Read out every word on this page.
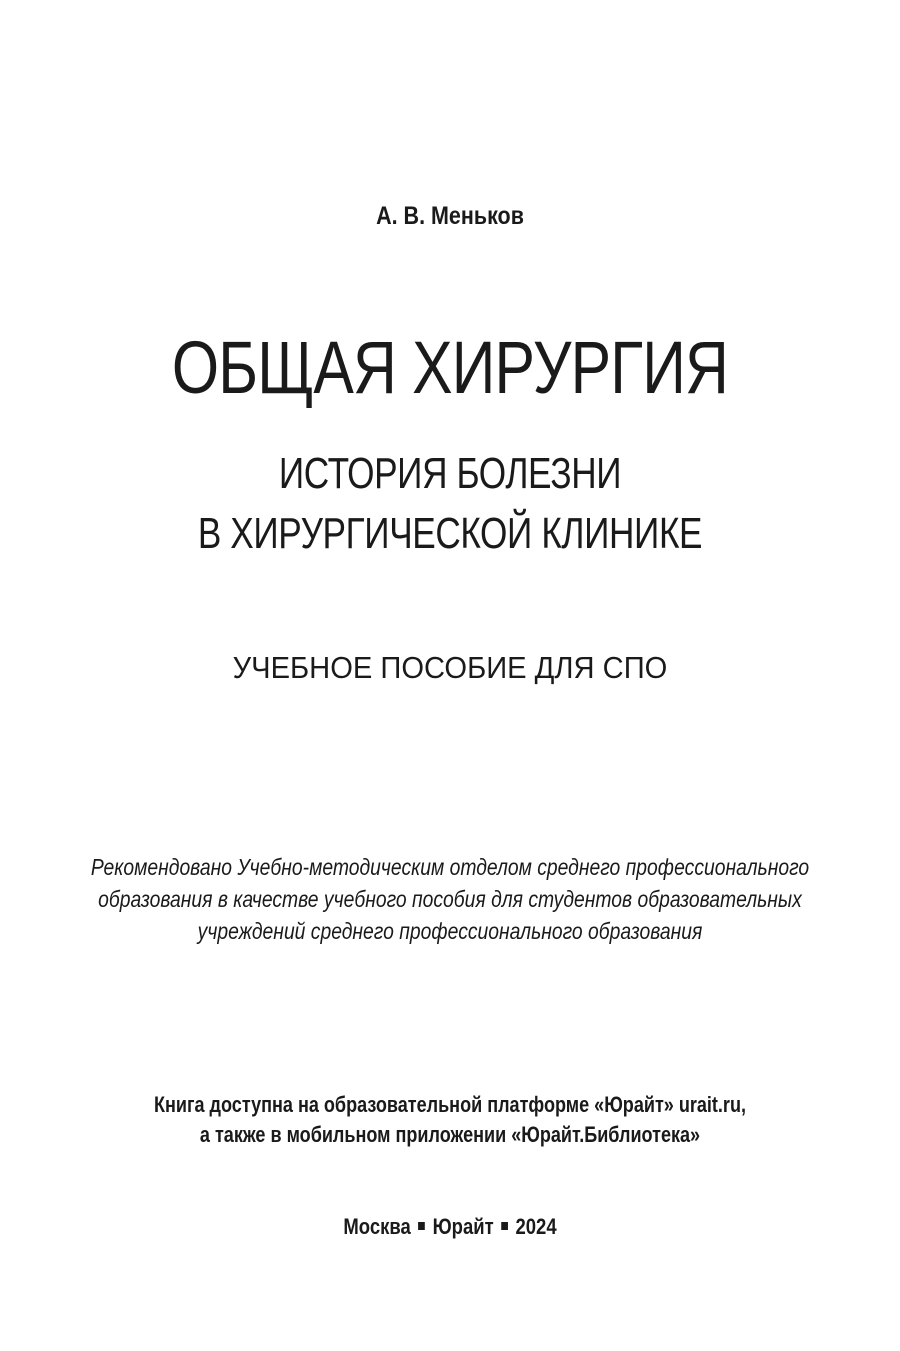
А. В. Меньков
ОБЩАЯ ХИРУРГИЯ
ИСТОРИЯ БОЛЕЗНИ
В ХИРУРГИЧЕСКОЙ КЛИНИКЕ
УЧЕБНОЕ ПОСОБИЕ ДЛЯ СПО
Рекомендовано Учебно-методическим отделом среднего профессионального
образования в качестве учебного пособия для студентов образовательных
учреждений среднего профессионального образования
Книга доступна на образовательной платформе «Юрайт» urait.ru,
а также в мобильном приложении «Юрайт.Библиотека»
Москва Юрайт 2024
